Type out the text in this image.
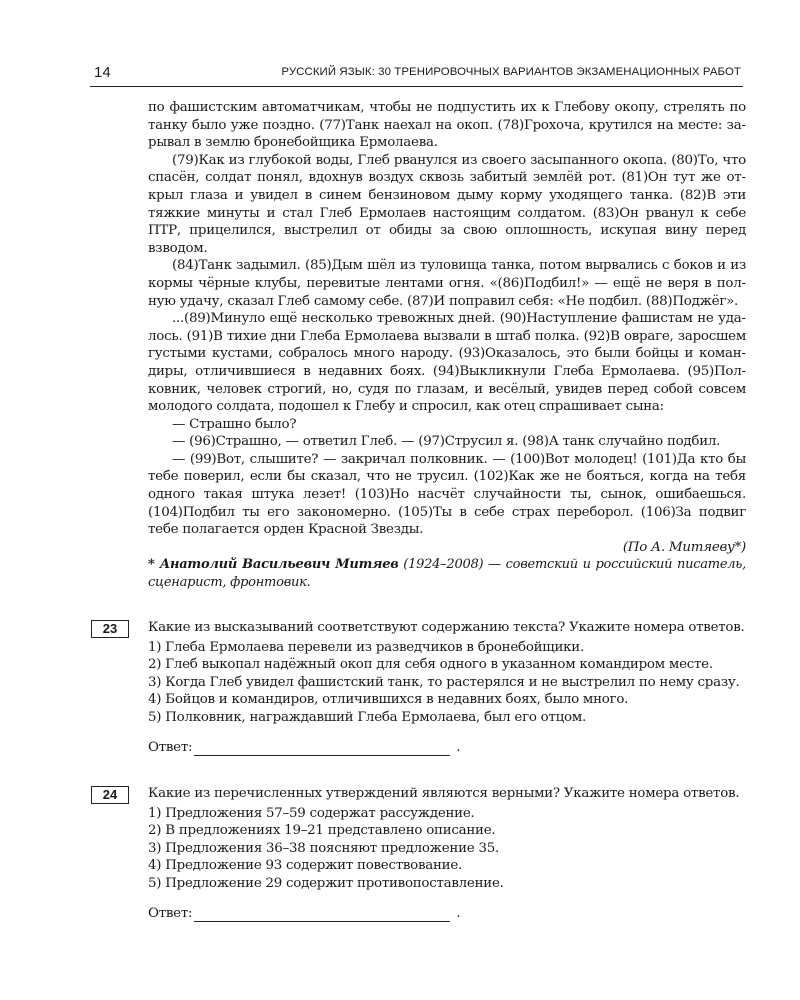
14	РУССКИЙ ЯЗЫК: 30 ТРЕНИРОВОЧНЫХ ВАРИАНТОВ ЭКЗАМЕНАЦИОННЫХ РАБОТ

по фашистским автоматчикам, чтобы не подпустить их к Глебову окопу, стрелять по танку было уже поздно. (77)Танк наехал на окоп. (78)Грохоча, крутился на месте: зарывал в землю бронебойщика Ермолаева.

(79)Как из глубокой воды, Глеб рванулся из своего засыпанного окопа. (80)То, что спасён, солдат понял, вдохнув воздух сквозь забитый землёй рот. (81)Он тут же открыл глаза и увидел в синем бензиновом дыму корму уходящего танка. (82)В эти тяжкие минуты и стал Глеб Ермолаев настоящим солдатом. (83)Он рванул к себе ПТР, прицелился, выстрелил от обиды за свою оплошность, искупая вину перед взводом.

(84)Танк задымил. (85)Дым шёл из туловища танка, потом вырвались с боков и из кормы чёрные клубы, перевитые лентами огня. «(86)Подбил!» — ещё не веря в полную удачу, сказал Глеб самому себе. (87)И поправил себя: «Не подбил. (88)Поджёг».

...(89)Минуло ещё несколько тревожных дней. (90)Наступление фашистам не удалось. (91)В тихие дни Глеба Ермолаева вызвали в штаб полка. (92)В овраге, заросшем густыми кустами, собралось много народу. (93)Оказалось, это были бойцы и командиры, отличившиеся в недавних боях. (94)Выкликнули Глеба Ермолаева. (95)Полковник, человек строгий, но, судя по глазам, и весёлый, увидев перед собой совсем молодого солдата, подошел к Глебу и спросил, как отец спрашивает сына:

— Страшно было?

— (96)Страшно, — ответил Глеб. — (97)Струсил я. (98)А танк случайно подбил.

— (99)Вот, слышите? — закричал полковник. — (100)Вот молодец! (101)Да кто бы тебе поверил, если бы сказал, что не трусил. (102)Как же не бояться, когда на тебя одного такая штука лезет! (103)Но насчёт случайности ты, сынок, ошибаешься. (104)Подбил ты его закономерно. (105)Ты в себе страх переборол. (106)За подвиг тебе полагается орден Красной Звезды.

(По А. Митяеву*)

* Анатолий Васильевич Митяев (1924–2008) — советский и российский писатель, сценарист, фронтовик.

23	Какие из высказываний соответствуют содержанию текста? Укажите номера ответов.

1) Глеба Ермолаева перевели из разведчиков в бронебойщики.
2) Глеб выкопал надёжный окоп для себя одного в указанном командиром месте.
3) Когда Глеб увидел фашистский танк, то растерялся и не выстрелил по нему сразу.
4) Бойцов и командиров, отличившихся в недавних боях, было много.
5) Полковник, награждавший Глеба Ермолаева, был его отцом.
Ответ:	.
24	Какие из перечисленных утверждений являются верными? Укажите номера ответов.

1) Предложения 57–59 содержат рассуждение.
2) В предложениях 19–21 представлено описание.
3) Предложения 36–38 поясняют предложение 35.
4) Предложение 93 содержит повествование.
5) Предложение 29 содержит противопоставление.
Ответ:	.
